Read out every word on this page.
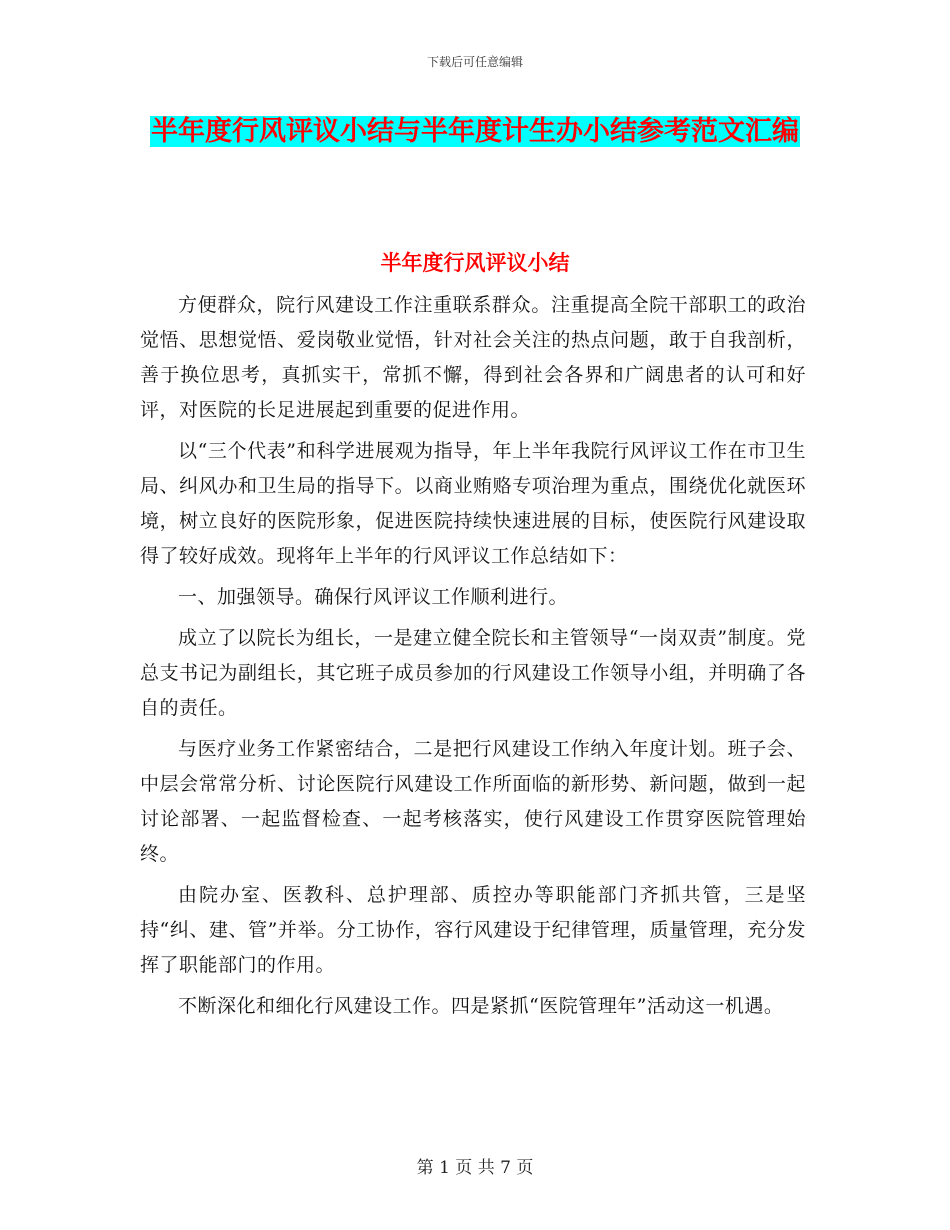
下载后可任意编辑
半年度行风评议小结与半年度计生办小结参考范文汇编
半年度行风评议小结

方便群众，院行风建设工作注重联系群众。注重提高全院干部职工的政治觉悟、思想觉悟、爱岗敬业觉悟，针对社会关注的热点问题，敢于自我剖析，善于换位思考，真抓实干，常抓不懈，得到社会各界和广阔患者的认可和好评，对医院的长足进展起到重要的促进作用。

以“三个代表”和科学进展观为指导，年上半年我院行风评议工作在市卫生局、纠风办和卫生局的指导下。以商业贿赂专项治理为重点，围绕优化就医环境，树立良好的医院形象，促进医院持续快速进展的目标，使医院行风建设取得了较好成效。现将年上半年的行风评议工作总结如下：

一、加强领导。确保行风评议工作顺利进行。

成立了以院长为组长，一是建立健全院长和主管领导“一岗双责”制度。党总支书记为副组长，其它班子成员参加的行风建设工作领导小组，并明确了各自的责任。

与医疗业务工作紧密结合，二是把行风建设工作纳入年度计划。班子会、中层会常常分析、讨论医院行风建设工作所面临的新形势、新问题，做到一起讨论部署、一起监督检查、一起考核落实，使行风建设工作贯穿医院管理始终。

由院办室、医教科、总护理部、质控办等职能部门齐抓共管，三是坚持“纠、建、管”并举。分工协作，容行风建设于纪律管理，质量管理，充分发挥了职能部门的作用。

不断深化和细化行风建设工作。四是紧抓“医院管理年”活动这一机遇。

第 1 页 共 7 页
